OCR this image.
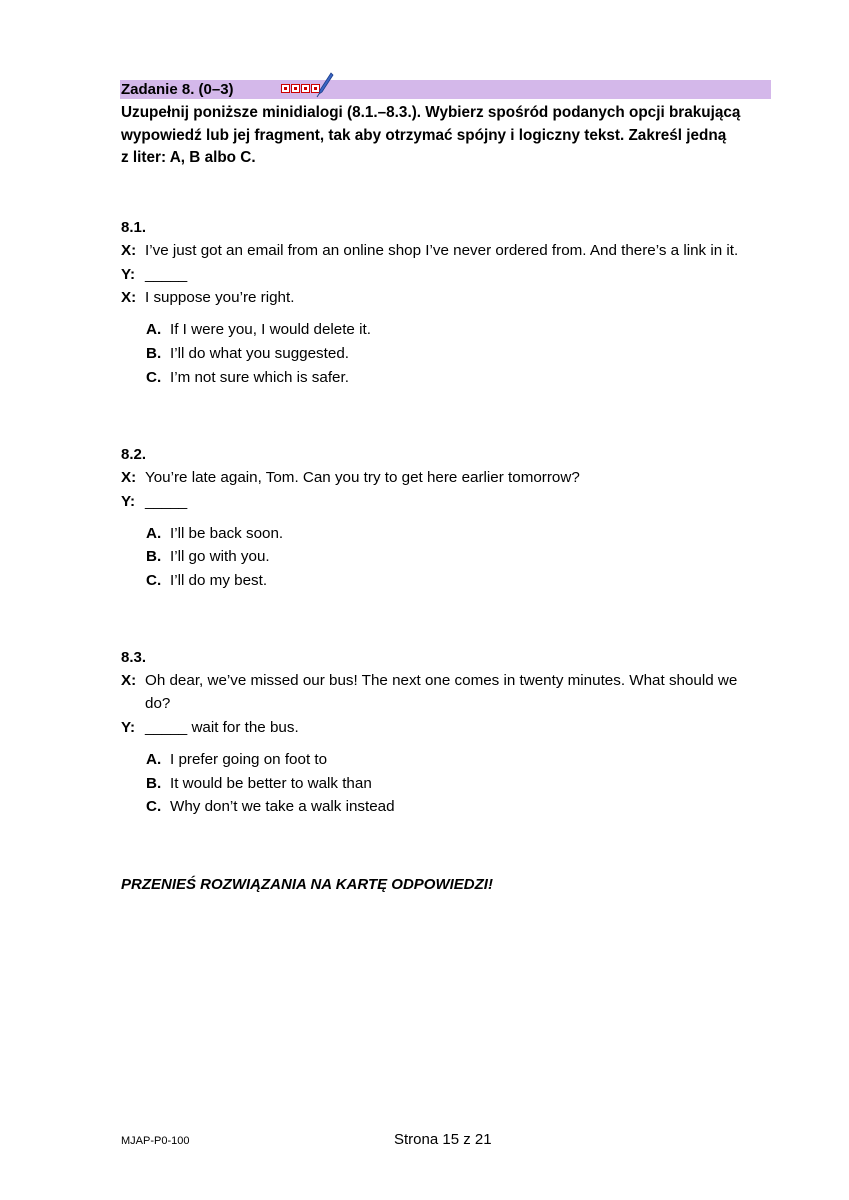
Zadanie 8. (0–3)
Uzupełnij poniższe minidialogi (8.1.–8.3.). Wybierz spośród podanych opcji brakującą
wypowiedź lub jej fragment, tak aby otrzymać spójny i logiczny tekst. Zakreśl jedną
z liter: A, B albo C.
8.1.
X: I’ve just got an email from an online shop I’ve never ordered from. And there’s a link in it.
Y: _____
X: I suppose you’re right.
A. If I were you, I would delete it.
B. I’ll do what you suggested.
C. I’m not sure which is safer.
8.2.
X: You’re late again, Tom. Can you try to get here earlier tomorrow?
Y: _____
A. I’ll be back soon.
B. I’ll go with you.
C. I’ll do my best.
8.3.
X: Oh dear, we’ve missed our bus! The next one comes in twenty minutes. What should we
do?
Y: _____ wait for the bus.
A. I prefer going on foot to
B. It would be better to walk than
C. Why don’t we take a walk instead
PRZENIEŚ ROZWIĄZANIA NA KARTĘ ODPOWIEDZI!
MJAP-P0-100	Strona 15 z 21
